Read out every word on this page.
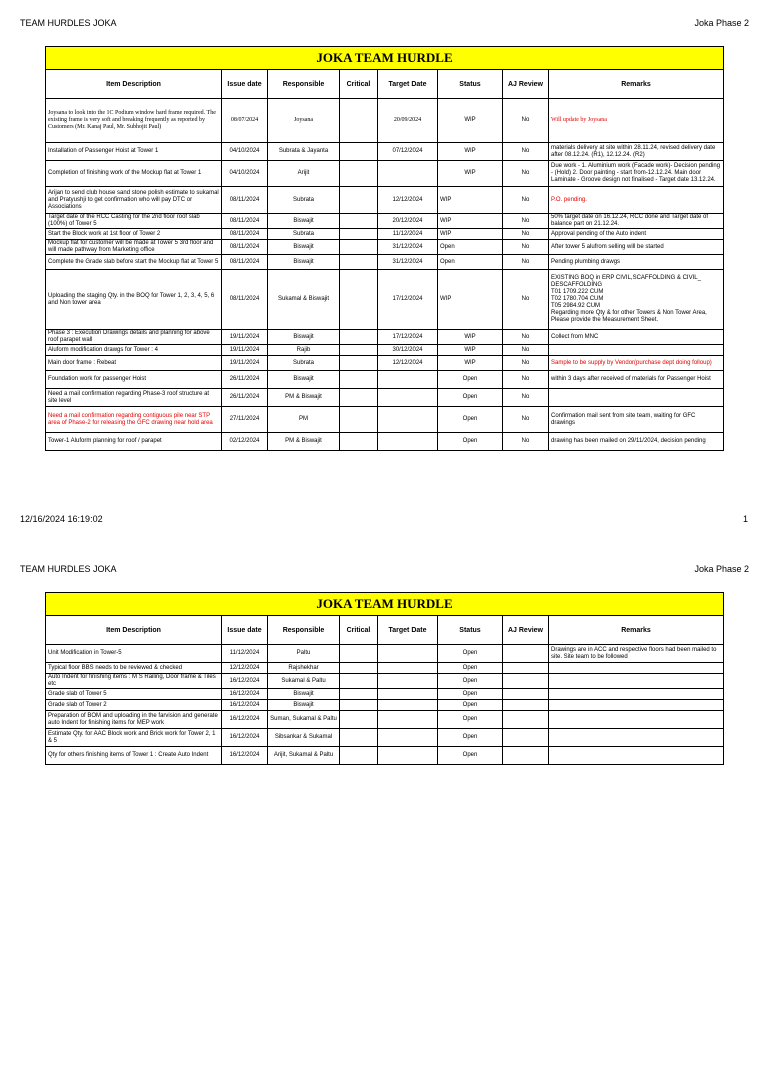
TEAM HURDLES JOKA	Joka Phase 2
JOKA TEAM HURDLE							
Item Description	Issue date	Responsible	Critical	Target Date	Status	AJ Review	Remarks
Joysana to look into the 1C Podium window hard frame required. The existing frame is very soft and breaking frequently as reported by Customers (Mr. Kanaj Paul, Mr. Subhojit Paul)	08/07/2024	Joysana		20/09/2024	WIP	No	Will update by Joysana
Installation of Passenger Hoist at Tower 1	04/10/2024	Subrata & Jayanta		07/12/2024	WIP	No	materials delivery at site within 28.11.24, revised delivery date after 08.12.24. (R1), 12.12.24. (R2)
Completion of finishing work of the Mockup flat at Tower 1	04/10/2024	Arijit			WIP	No	Due work - 1. Aluminium work (Facade work)- Decision pending - (Hold) 2. Door painting - start from-12.12.24. Main door Laminate - Groove design not finalised - Target date 13.12.24.
Arijan to send club house sand stone polish estimate to sukamal and Pratyushji to get confirmation who will pay DTC or Associations	08/11/2024	Subrata		12/12/2024	WIP	No	P.O. pending.
Target date of the RCC Casting for the 2nd floor roof slab (100%) of Tower 5	08/11/2024	Biswajit		20/12/2024	WIP	No	50% target date on 16.12.24, RCC done and Target date of balance part on 21.12.24.
Start the Block work at 1st floor of Tower 2	08/11/2024	Subrata		11/12/2024	WIP	No	Approval pending of the Auto indent
Mockup flat for customer will be made at Tower 5 3rd floor and will made pathway from Marketing office	08/11/2024	Biswajit		31/12/2024	Open	No	After tower 5 alufrom selling will be started
Complete the Grade slab before start the Mockup flat at Tower 5	08/11/2024	Biswajit		31/12/2024	Open	No	Pending plumbing drawgs
Uploading the staging Qty. in the BOQ for Tower 1, 2, 3, 4, 5, 6 and Non tower area	08/11/2024	Sukamal & Biswajit		17/12/2024	WIP	No	EXISTING BOQ in ERP CIVIL,SCAFFOLDING & CIVIL_ DESCAFFOLDING
T01 1709.222 CUM
T02 1780.704 CUM
T05 2984.92 CUM
Regarding more Qty & for other Towers & Non Tower Area, Please provide the Measurement Sheet.
Phase 3 : Execution Drawings details and planning for above roof parapet wall	19/11/2024	Biswajit		17/12/2024	WIP	No	Collect from MNC
Aluform modification drawgs for Tower : 4	19/11/2024	Rajib		30/12/2024	WIP	No	
Main door frame : Rebeat	19/11/2024	Subrata		12/12/2024	WIP	No	Sample to be supply by Vendor(purchase dept doing folloup)
Foundation work for passenger Hoist	26/11/2024	Biswajit			Open	No	within 3 days after received of materials for Passenger Hoist
Need a mail confirmation regarding Phase-3 roof structure at site level	26/11/2024	PM & Biswajit			Open	No	
Need a mail confirmation regarding contiguous pile near STP area of Phase-2 for releasing the GFC drawing near hold area	27/11/2024	PM			Open	No	Confirmation mail sent from site team, waiting for GFC drawings
Tower-1 Aluform planning for roof / parapet	02/12/2024	PM & Biswajit			Open	No	drawing has been mailed on 29/11/2024, decision pending
12/16/2024 16:19:02	1
TEAM HURDLES JOKA	Joka Phase 2
JOKA TEAM HURDLE							
Item Description	Issue date	Responsible	Critical	Target Date	Status	AJ Review	Remarks
Unit Modification in Tower-5	11/12/2024	Paltu			Open		Drawings are in ACC and respective floors had been mailed to site. Site team to be followed
Typical floor BBS needs to be reviewed & checked	12/12/2024	Rajshekhar			Open		
Auto Indent for finishing items : M S Railing, Door frame & Tiles etc	16/12/2024	Sukamal & Paltu			Open		
Grade slab of Tower 5	16/12/2024	Biswajit			Open		
Grade slab of Tower 2	16/12/2024	Biswajit			Open		
Preparation of BOM and uploading in the farvision and generate auto Indent for finishing items for MEP work	16/12/2024	Suman, Sukamal & Paltu			Open		
Estimate Qty. for AAC Block work and Brick work for Tower 2, 1 & 5	16/12/2024	Sibsankar & Sukamal			Open		
Qty for others finishing items of Tower 1 : Create Auto Indent	16/12/2024	Arijit, Sukamal & Paltu			Open		
